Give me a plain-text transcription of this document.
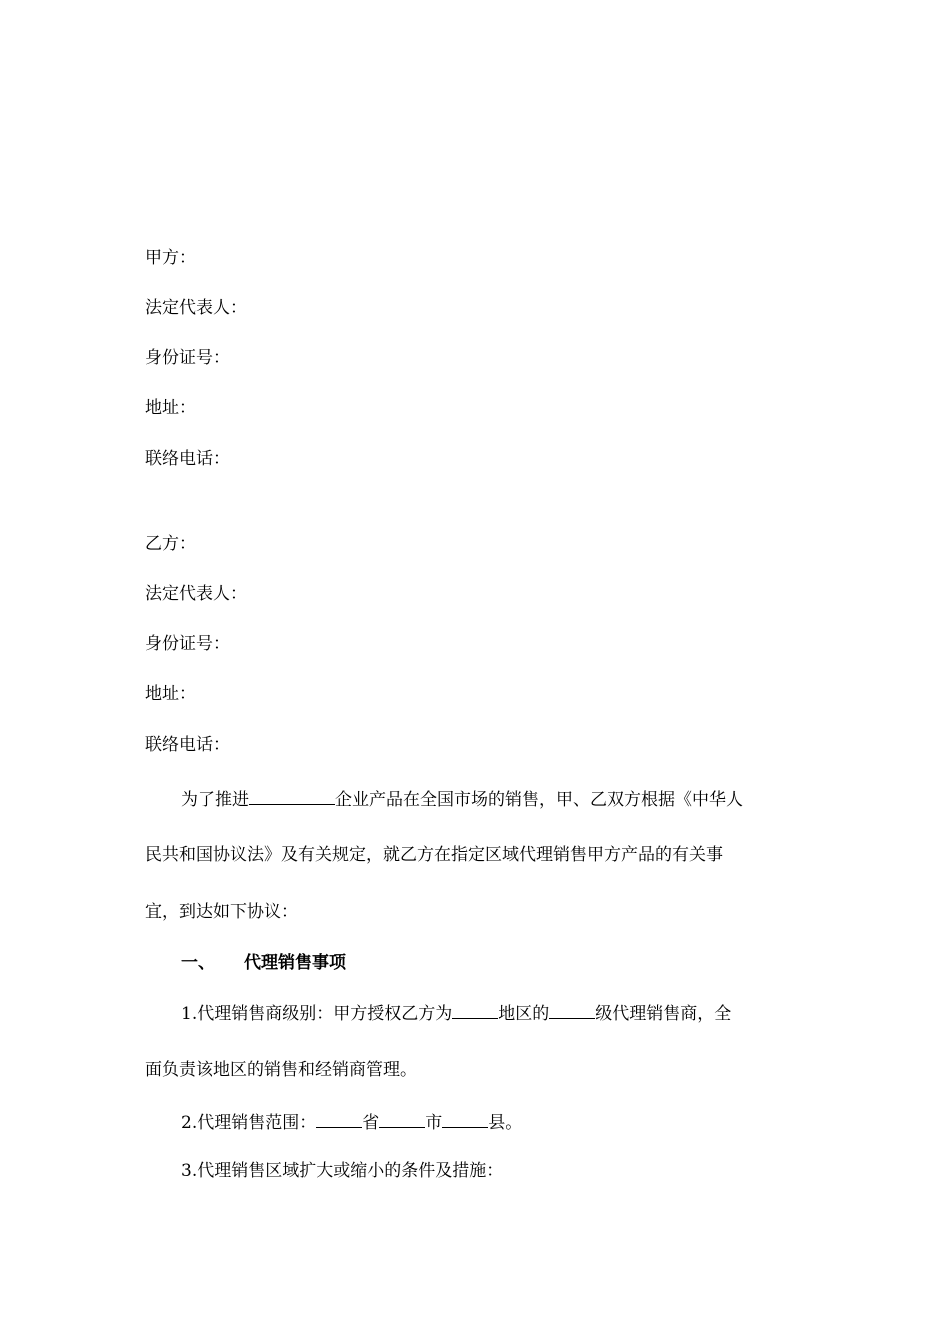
甲方：
法定代表人：
身份证号：
地址：
联络电话：
乙方：
法定代表人：
身份证号：
地址：
联络电话：
为了推进	企业产品在全国市场的销售，甲、乙双方根据《中华人
民共和国协议法》及有关规定，就乙方在指定区域代理销售甲方产品的有关事
宜，到达如下协议：
一、 代理销售事项
1.代理销售商级别：甲方授权乙方为	地区的	级代理销售商，全
面负责该地区的销售和经销商管理。
2.代理销售范围：	省	市	县。
3.代理销售区域扩大或缩小的条件及措施：
